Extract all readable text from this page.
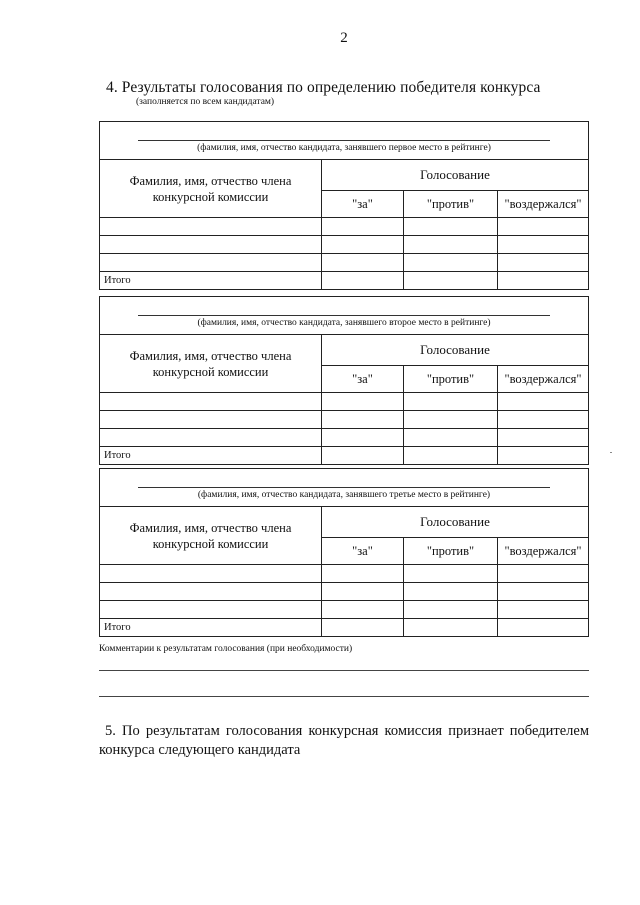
2
4. Результаты голосования по определению победителя конкурса
(заполняется по всем кандидатам)
(фамилия, имя, отчество кандидата, занявшего первое место в рейтинге)
Фамилия, имя, отчество члена
конкурсной комиссии
Голосование
"за"	"против"	"воздержался"
Итого
(фамилия, имя, отчество кандидата, занявшего второе место в рейтинге)
Фамилия, имя, отчество члена
конкурсной комиссии
Голосование
"за"	"против"	"воздержался"
Итого
(фамилия, имя, отчество кандидата, занявшего третье место в рейтинге)
Фамилия, имя, отчество члена
конкурсной комиссии
Голосование
"за"	"против"	"воздержался"
Итого
Комментарии к результатам голосования (при необходимости)
5. По результатам голосования конкурсная комиссия признает победителем конкурса следующего кандидата
